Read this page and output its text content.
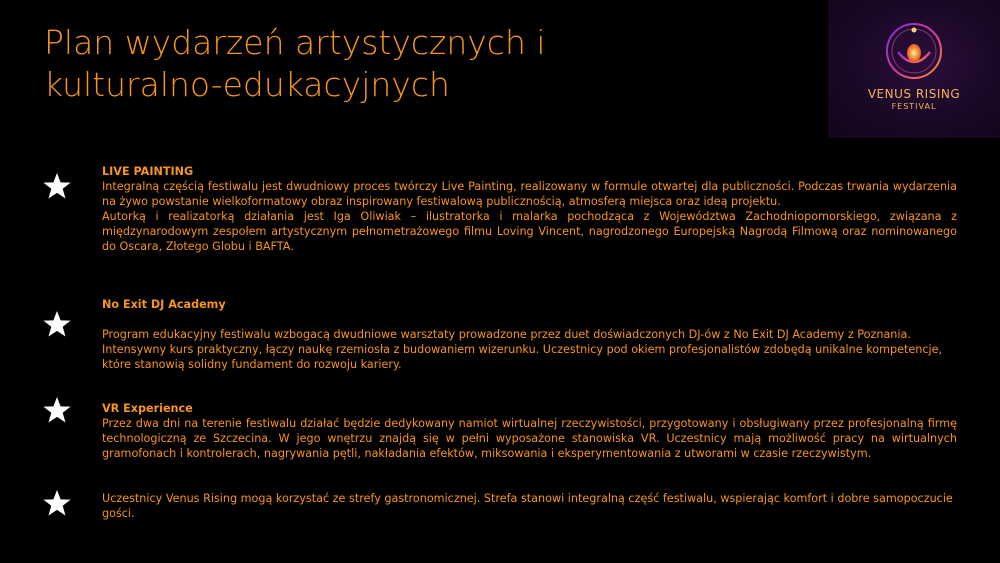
Plan wydarzeń artystycznych i
kulturalno-edukacyjnych	VENUS RISING
FESTIVAL
LIVE PAINTING
Integralną częścią festiwalu jest dwudniowy proces twórczy Live Painting, realizowany w formule otwartej dla publiczności. Podczas trwania wydarzenia na żywo powstanie wielkoformatowy obraz inspirowany festiwalową publicznością, atmosferą miejsca oraz ideą projektu.
Autorką i realizatorką działania jest Iga Oliwiak – ilustratorka i malarka pochodząca z Województwa Zachodniopomorskiego, związana z międzynarodowym zespołem artystycznym pełnometrażowego filmu Loving Vincent, nagrodzonego Europejską Nagrodą Filmową oraz nominowanego do Oscara, Złotego Globu i BAFTA.
No Exit DJ Academy
Program edukacyjny festiwalu wzbogacą dwudniowe warsztaty prowadzone przez duet doświadczonych DJ-ów z No Exit DJ Academy z Poznania. Intensywny kurs praktyczny, łączy naukę rzemiosła z budowaniem wizerunku. Uczestnicy pod okiem profesjonalistów zdobędą unikalne kompetencje, które stanowią solidny fundament do rozwoju kariery.
VR Experience
Przez dwa dni na terenie festiwalu działać będzie dedykowany namiot wirtualnej rzeczywistości, przygotowany i obsługiwany przez profesjonalną firmę technologiczną ze Szczecina. W jego wnętrzu znajdą się w pełni wyposażone stanowiska VR. Uczestnicy mają możliwość pracy na wirtualnych gramofonach i kontrolerach, nagrywania pętli, nakładania efektów, miksowania i eksperymentowania z utworami w czasie rzeczywistym.
Uczestnicy Venus Rising mogą korzystać ze strefy gastronomicznej. Strefa stanowi integralną część festiwalu, wspierając komfort i dobre samopoczucie gości.
